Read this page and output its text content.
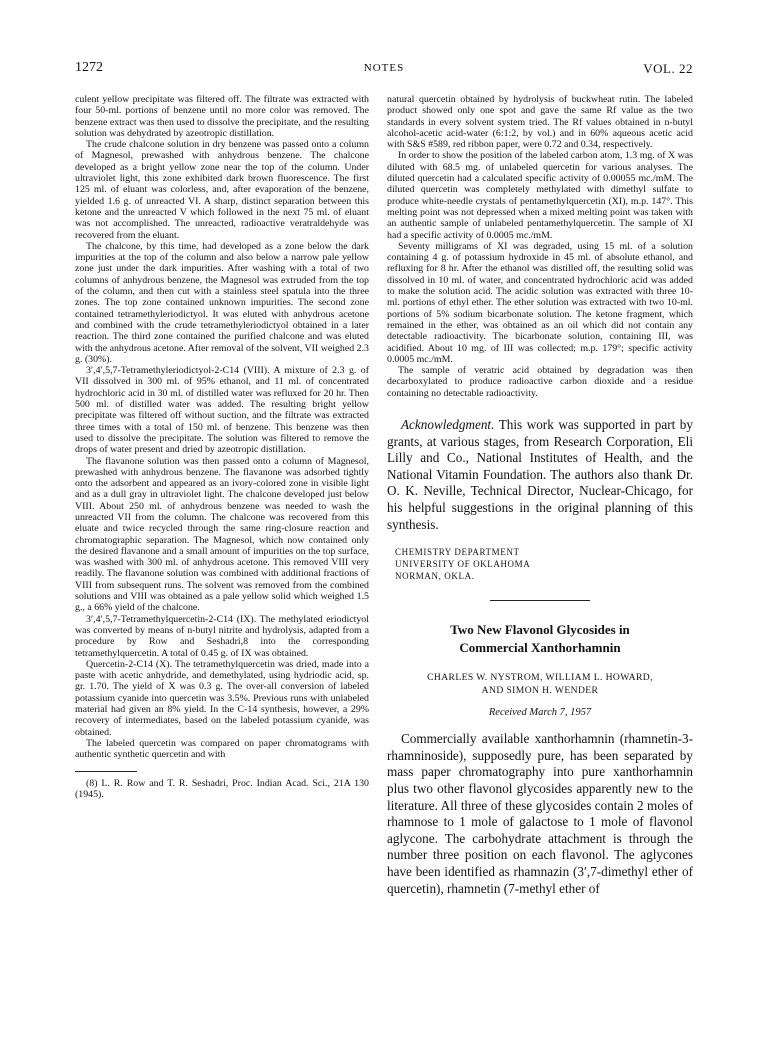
1272	NOTES	VOL. 22

culent yellow precipitate was filtered off. The filtrate was extracted with four 50-ml. portions of benzene until no more color was removed. The benzene extract was then used to dissolve the precipitate, and the resulting solution was dehydrated by azeotropic distillation.

The crude chalcone solution in dry benzene was passed onto a column of Magnesol, prewashed with anhydrous benzene. The chalcone developed as a bright yellow zone near the top of the column. Under ultraviolet light, this zone exhibited dark brown fluorescence. The first 125 ml. of eluant was colorless, and, after evaporation of the benzene, yielded 1.6 g. of unreacted VI. A sharp, distinct separation between this ketone and the unreacted V which followed in the next 75 ml. of eluant was not accomplished. The unreacted, radioactive veratraldehyde was recovered from the eluant.

The chalcone, by this time, had developed as a zone below the dark impurities at the top of the column and also below a narrow pale yellow zone just under the dark impurities. After washing with a total of two columns of anhydrous benzene, the Magnesol was extruded from the top of the column, and then cut with a stainless steel spatula into the three zones. The top zone contained unknown impurities. The second zone contained tetramethyleriodictyol. It was eluted with anhydrous acetone and combined with the crude tetramethyleriodictyol obtained in a later reaction. The third zone contained the purified chalcone and was eluted with the anhydrous acetone. After removal of the solvent, VII weighed 2.3 g. (30%).

3′,4′,5,7-Tetramethyleriodictyol-2-C14 (VIII). A mixture of 2.3 g. of VII dissolved in 300 ml. of 95% ethanol, and 11 ml. of concentrated hydrochloric acid in 30 ml. of distilled water was refluxed for 20 hr. Then 500 ml. of distilled water was added. The resulting bright yellow precipitate was filtered off without suction, and the filtrate was extracted three times with a total of 150 ml. of benzene. This benzene was then used to dissolve the precipitate. The solution was filtered to remove the drops of water present and dried by azeotropic distillation.

The flavanone solution was then passed onto a column of Magnesol, prewashed with anhydrous benzene. The flavanone was adsorbed tightly onto the adsorbent and appeared as an ivory-colored zone in visible light and as a dull gray in ultraviolet light. The chalcone developed just below VIII. About 250 ml. of anhydrous benzene was needed to wash the unreacted VII from the column. The chalcone was recovered from this eluate and twice recycled through the same ring-closure reaction and chromatographic separation. The Magnesol, which now contained only the desired flavanone and a small amount of impurities on the top surface, was washed with 300 ml. of anhydrous acetone. This removed VIII very readily. The flavanone solution was combined with additional fractions of VIII from subsequent runs. The solvent was removed from the combined solutions and VIII was obtained as a pale yellow solid which weighed 1.5 g., a 66% yield of the chalcone.

3′,4′,5,7-Tetramethylquercetin-2-C14 (IX). The methylated eriodictyol was converted by means of n-butyl nitrite and hydrolysis, adapted from a procedure by Row and Seshadri,8 into the corresponding tetramethylquercetin. A total of 0.45 g. of IX was obtained.

Quercetin-2-C14 (X). The tetramethylquercetin was dried, made into a paste with acetic anhydride, and demethylated, using hydriodic acid, sp. gr. 1.70. The yield of X was 0.3 g. The over-all conversion of labeled potassium cyanide into quercetin was 3.5%. Previous runs with unlabeled material had given an 8% yield. In the C-14 synthesis, however, a 29% recovery of intermediates, based on the labeled potassium cyanide, was obtained.

The labeled quercetin was compared on paper chromatograms with authentic synthetic quercetin and with

(8) L. R. Row and T. R. Seshadri, Proc. Indian Acad. Sci., 21A 130 (1945).

natural quercetin obtained by hydrolysis of buckwheat rutin. The labeled product showed only one spot and gave the same Rf value as the two standards in every solvent system tried. The Rf values obtained in n-butyl alcohol-acetic acid-water (6:1:2, by vol.) and in 60% aqueous acetic acid with S&S #589, red ribbon paper, were 0.72 and 0.34, respectively.

In order to show the position of the labeled carbon atom, 1.3 mg. of X was diluted with 68.5 mg. of unlabeled quercetin for various analyses. The diluted quercetin had a calculated specific activity of 0.00055 mc./mM. The diluted quercetin was completely methylated with dimethyl sulfate to produce white-needle crystals of pentamethylquercetin (XI), m.p. 147°. This melting point was not depressed when a mixed melting point was taken with an authentic sample of unlabeled pentamethylquercetin. The sample of XI had a specific activity of 0.0005 mc./mM.

Seventy milligrams of XI was degraded, using 15 ml. of a solution containing 4 g. of potassium hydroxide in 45 ml. of absolute ethanol, and refluxing for 8 hr. After the ethanol was distilled off, the resulting solid was dissolved in 10 ml. of water, and concentrated hydrochloric acid was added to make the solution acid. The acidic solution was extracted with three 10-ml. portions of ethyl ether. The ether solution was extracted with two 10-ml. portions of 5% sodium bicarbonate solution. The ketone fragment, which remained in the ether, was obtained as an oil which did not contain any detectable radioactivity. The bicarbonate solution, containing III, was acidified. About 10 mg. of III was collected; m.p. 179°; specific activity 0.0005 mc./mM.

The sample of veratric acid obtained by degradation was then decarboxylated to produce radioactive carbon dioxide and a residue containing no detectable radioactivity.

Acknowledgment. This work was supported in part by grants, at various stages, from Research Corporation, Eli Lilly and Co., National Institutes of Health, and the National Vitamin Foundation. The authors also thank Dr. O. K. Neville, Technical Director, Nuclear-Chicago, for his helpful suggestions in the original planning of this synthesis.

CHEMISTRY DEPARTMENT
UNIVERSITY OF OKLAHOMA
NORMAN, OKLA.
Two New Flavonol Glycosides in
Commercial Xanthorhamnin
CHARLES W. NYSTROM, WILLIAM L. HOWARD,
AND SIMON H. WENDER
Received March 7, 1957

Commercially available xanthorhamnin (rhamnetin-3-rhamninoside), supposedly pure, has been separated by mass paper chromatography into pure xanthorhamnin plus two other flavonol glycosides apparently new to the literature. All three of these glycosides contain 2 moles of rhamnose to 1 mole of galactose to 1 mole of flavonol aglycone. The carbohydrate attachment is through the number three position on each flavonol. The aglycones have been identified as rhamnazin (3′,7-dimethyl ether of quercetin), rhamnetin (7-methyl ether of
